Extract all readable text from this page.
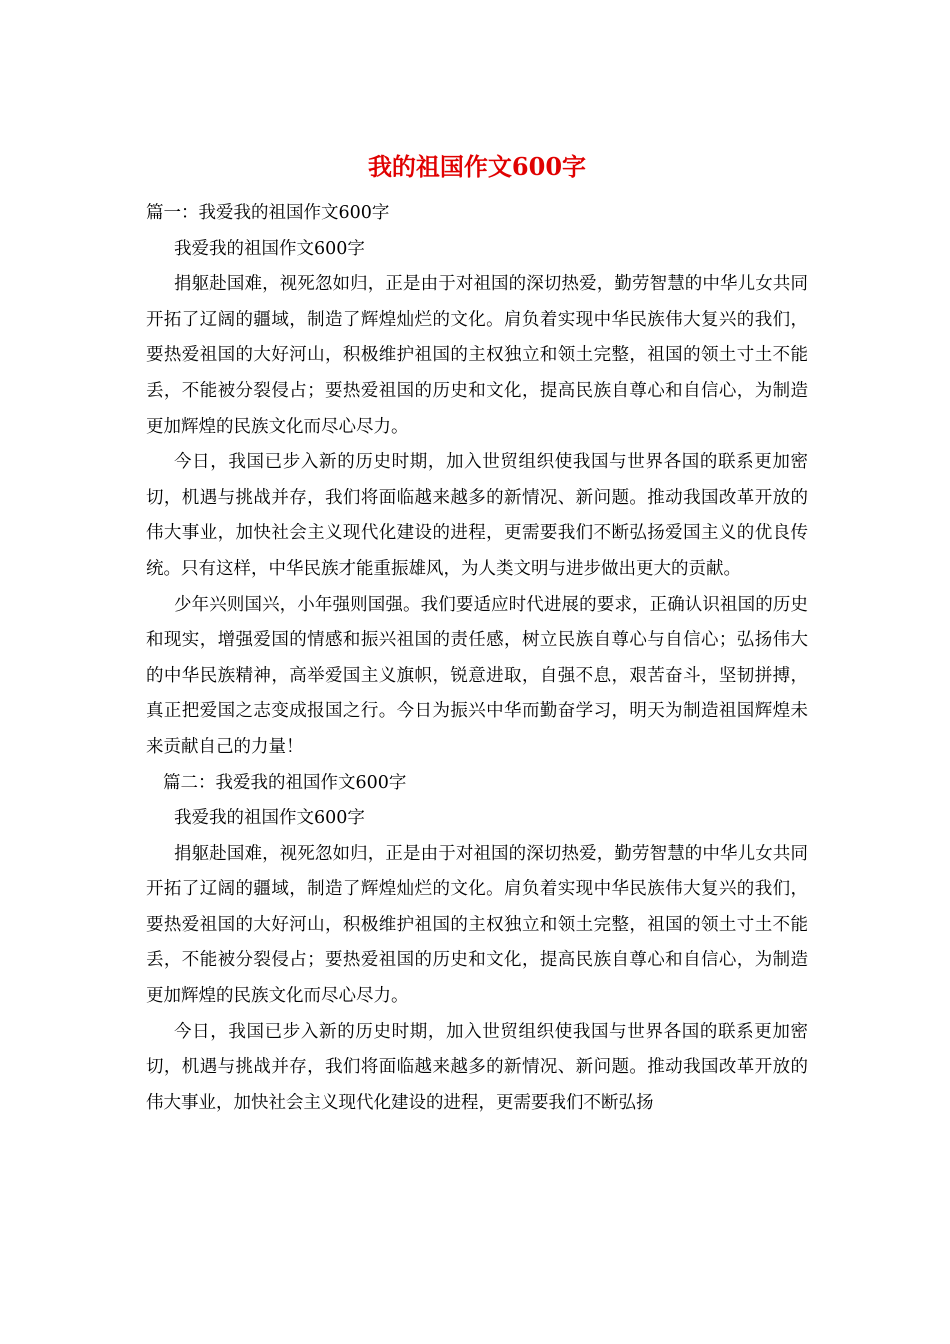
我的祖国作文600字

篇一：我爱我的祖国作文600字

我爱我的祖国作文600字

捐躯赴国难，视死忽如归，正是由于对祖国的深切热爱，勤劳智慧的中华儿女共同开拓了辽阔的疆域，制造了辉煌灿烂的文化。肩负着实现中华民族伟大复兴的我们，要热爱祖国的大好河山，积极维护祖国的主权独立和领土完整，祖国的领土寸土不能丢，不能被分裂侵占；要热爱祖国的历史和文化，提高民族自尊心和自信心，为制造更加辉煌的民族文化而尽心尽力。

今日，我国已步入新的历史时期，加入世贸组织使我国与世界各国的联系更加密切，机遇与挑战并存，我们将面临越来越多的新情况、新问题。推动我国改革开放的伟大事业，加快社会主义现代化建设的进程，更需要我们不断弘扬爱国主义的优良传统。只有这样，中华民族才能重振雄风，为人类文明与进步做出更大的贡献。

少年兴则国兴，小年强则国强。我们要适应时代进展的要求，正确认识祖国的历史和现实，增强爱国的情感和振兴祖国的责任感，树立民族自尊心与自信心；弘扬伟大的中华民族精神，高举爱国主义旗帜，锐意进取，自强不息，艰苦奋斗，坚韧拼搏，真正把爱国之志变成报国之行。今日为振兴中华而勤奋学习，明天为制造祖国辉煌未来贡献自己的力量！

篇二：我爱我的祖国作文600字

我爱我的祖国作文600字

捐躯赴国难，视死忽如归，正是由于对祖国的深切热爱，勤劳智慧的中华儿女共同开拓了辽阔的疆域，制造了辉煌灿烂的文化。肩负着实现中华民族伟大复兴的我们，要热爱祖国的大好河山，积极维护祖国的主权独立和领土完整，祖国的领土寸土不能丢，不能被分裂侵占；要热爱祖国的历史和文化，提高民族自尊心和自信心，为制造更加辉煌的民族文化而尽心尽力。

今日，我国已步入新的历史时期，加入世贸组织使我国与世界各国的联系更加密切，机遇与挑战并存，我们将面临越来越多的新情况、新问题。推动我国改革开放的伟大事业，加快社会主义现代化建设的进程，更需要我们不断弘扬
